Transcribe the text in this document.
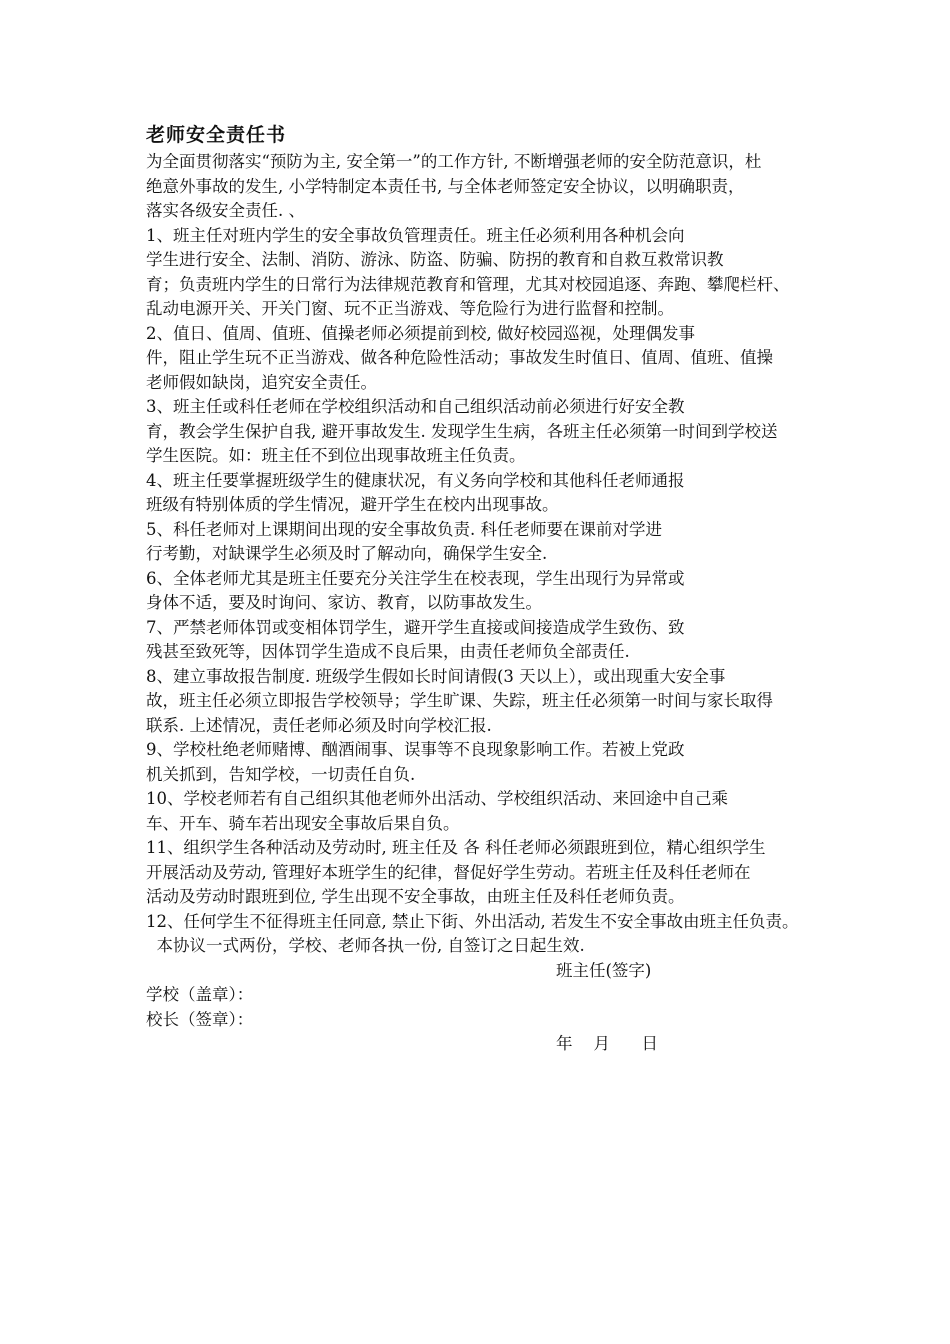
老师安全责任书

为全面贯彻落实“预防为主, 安全第一”的工作方针, 不断增强老师的安全防范意识，杜

绝意外事故的发生, 小学特制定本责任书, 与全体老师签定安全协议，以明确职责，

落实各级安全责任. 、

1、班主任对班内学生的安全事故负管理责任。班主任必须利用各种机会向

学生进行安全、法制、消防、游泳、防盗、防骗、防拐的教育和自救互救常识教

育；负责班内学生的日常行为法律规范教育和管理，尤其对校园追逐、奔跑、攀爬栏杆、

乱动电源开关、开关门窗、玩不正当游戏、等危险行为进行监督和控制。

2、值日、值周、值班、值操老师必须提前到校, 做好校园巡视，处理偶发事

件，阻止学生玩不正当游戏、做各种危险性活动；事故发生时值日、值周、值班、值操

老师假如缺岗，追究安全责任。

3、班主任或科任老师在学校组织活动和自己组织活动前必须进行好安全教

育，教会学生保护自我, 避开事故发生. 发现学生生病，各班主任必须第一时间到学校送

学生医院。如：班主任不到位出现事故班主任负责。

4、班主任要掌握班级学生的健康状况，有义务向学校和其他科任老师通报

班级有特别体质的学生情况，避开学生在校内出现事故。

5、科任老师对上课期间出现的安全事故负责. 科任老师要在课前对学进

行考勤，对缺课学生必须及时了解动向，确保学生安全.

6、全体老师尤其是班主任要充分关注学生在校表现，学生出现行为异常或

身体不适，要及时询问、家访、教育，以防事故发生。

7、严禁老师体罚或变相体罚学生，避开学生直接或间接造成学生致伤、致

残甚至致死等，因体罚学生造成不良后果，由责任老师负全部责任.

8、建立事故报告制度. 班级学生假如长时间请假(3 天以上），或出现重大安全事

故，班主任必须立即报告学校领导；学生旷课、失踪，班主任必须第一时间与家长取得

联系. 上述情况，责任老师必须及时向学校汇报.

9、学校杜绝老师赌博、酗酒闹事、误事等不良现象影响工作。若被上党政

机关抓到，告知学校，一切责任自负.

10、学校老师若有自己组织其他老师外出活动、学校组织活动、来回途中自己乘

车、开车、骑车若出现安全事故后果自负。

11、组织学生各种活动及劳动时, 班主任及 各 科任老师必须跟班到位，精心组织学生

开展活动及劳动, 管理好本班学生的纪律，督促好学生劳动。若班主任及科任老师在

活动及劳动时跟班到位, 学生出现不安全事故，由班主任及科任老师负责。

12、任何学生不征得班主任同意, 禁止下街、外出活动, 若发生不安全事故由班主任负责。

本协议一式两份，学校、老师各执一份, 自签订之日起生效.

班主任(签字)

学校（盖章）：

校长（签章）：

年    月      日
